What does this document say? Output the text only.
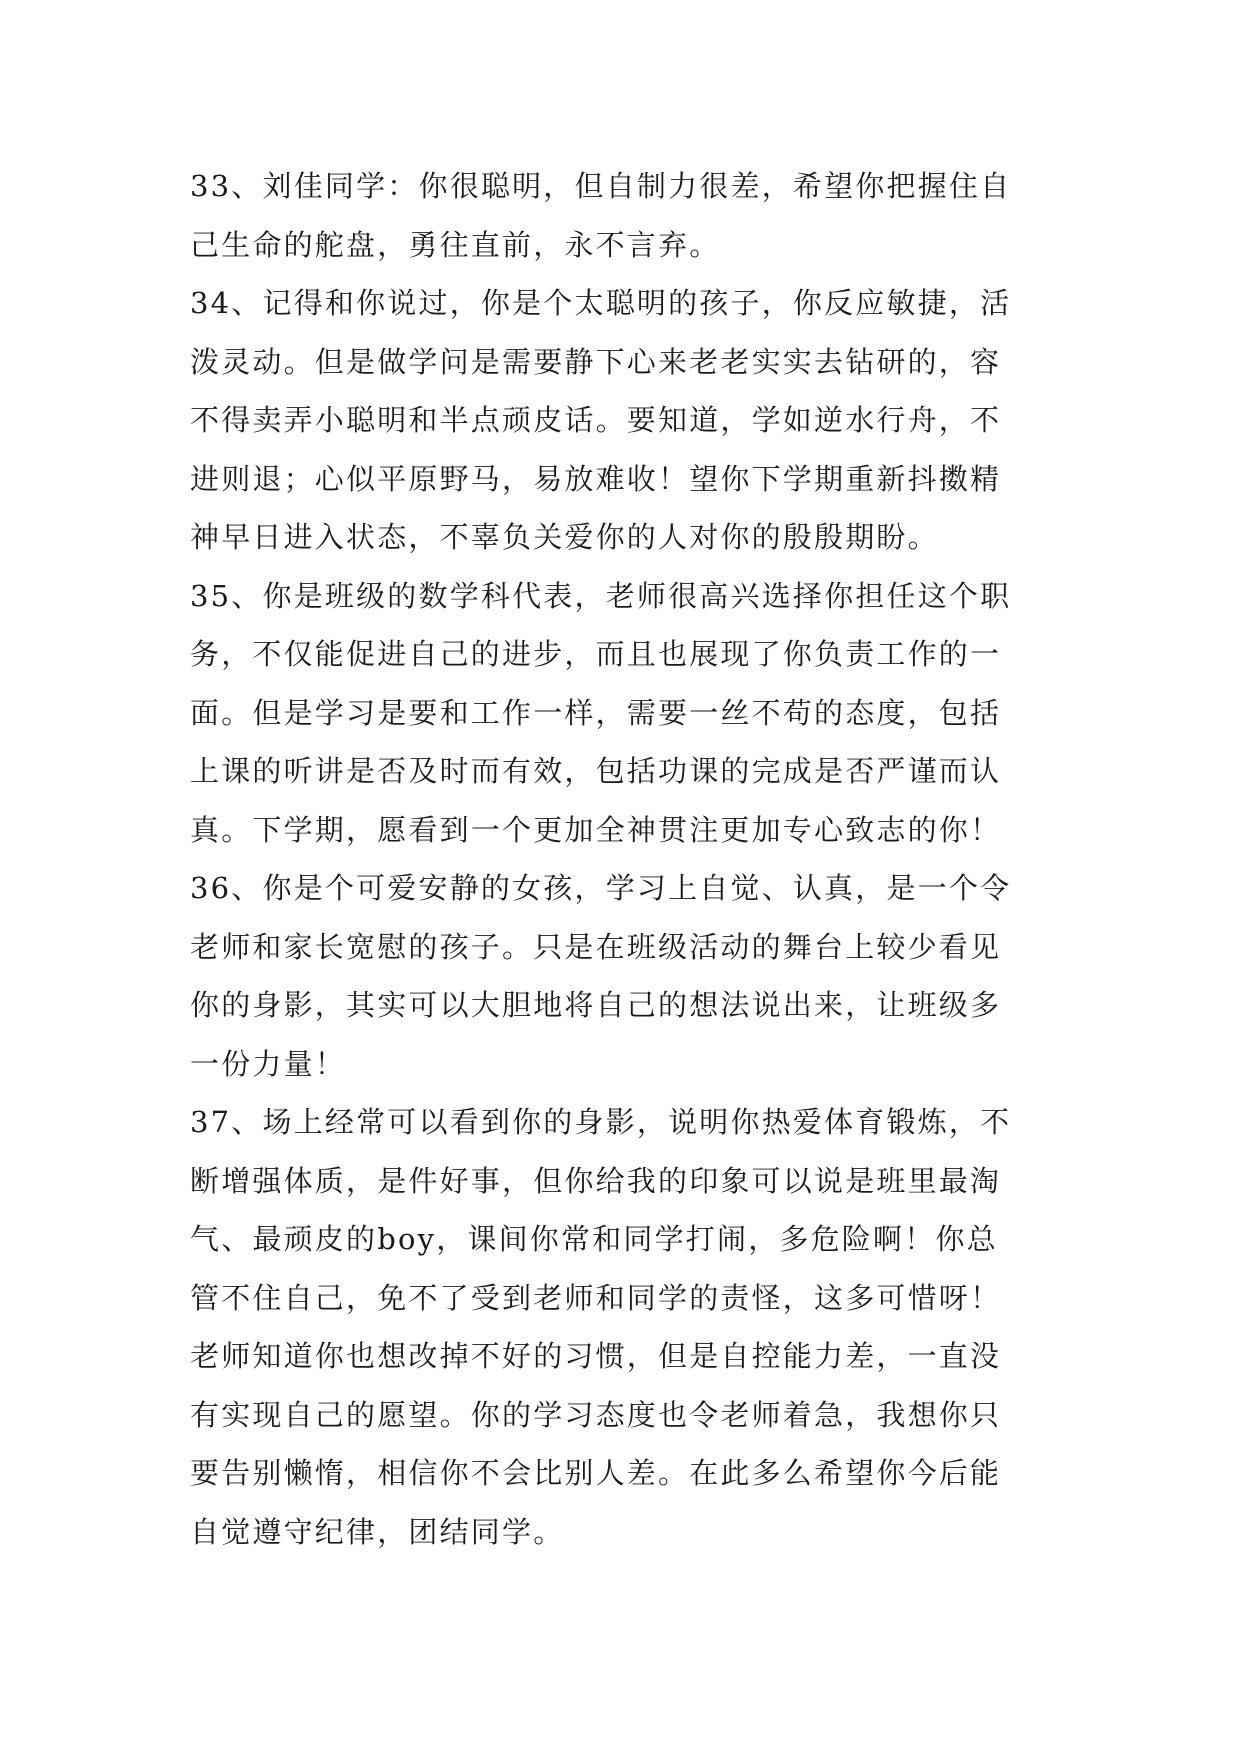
33、刘佳同学：你很聪明，但自制力很差，希望你把握住自
己生命的舵盘，勇往直前，永不言弃。
34、记得和你说过，你是个太聪明的孩子，你反应敏捷，活
泼灵动。但是做学问是需要静下心来老老实实去钻研的，容
不得卖弄小聪明和半点顽皮话。要知道，学如逆水行舟，不
进则退；心似平原野马，易放难收！望你下学期重新抖擞精
神早日进入状态，不辜负关爱你的人对你的殷殷期盼。
35、你是班级的数学科代表，老师很高兴选择你担任这个职
务，不仅能促进自己的进步，而且也展现了你负责工作的一
面。但是学习是要和工作一样，需要一丝不苟的态度，包括
上课的听讲是否及时而有效，包括功课的完成是否严谨而认
真。下学期，愿看到一个更加全神贯注更加专心致志的你！
36、你是个可爱安静的女孩，学习上自觉、认真，是一个令
老师和家长宽慰的孩子。只是在班级活动的舞台上较少看见
你的身影，其实可以大胆地将自己的想法说出来，让班级多
一份力量！
37、场上经常可以看到你的身影，说明你热爱体育锻炼，不
断增强体质，是件好事，但你给我的印象可以说是班里最淘
气、最顽皮的boy，课间你常和同学打闹，多危险啊！你总
管不住自己，免不了受到老师和同学的责怪，这多可惜呀！
老师知道你也想改掉不好的习惯，但是自控能力差，一直没
有实现自己的愿望。你的学习态度也令老师着急，我想你只
要告别懒惰，相信你不会比别人差。在此多么希望你今后能
自觉遵守纪律，团结同学。
